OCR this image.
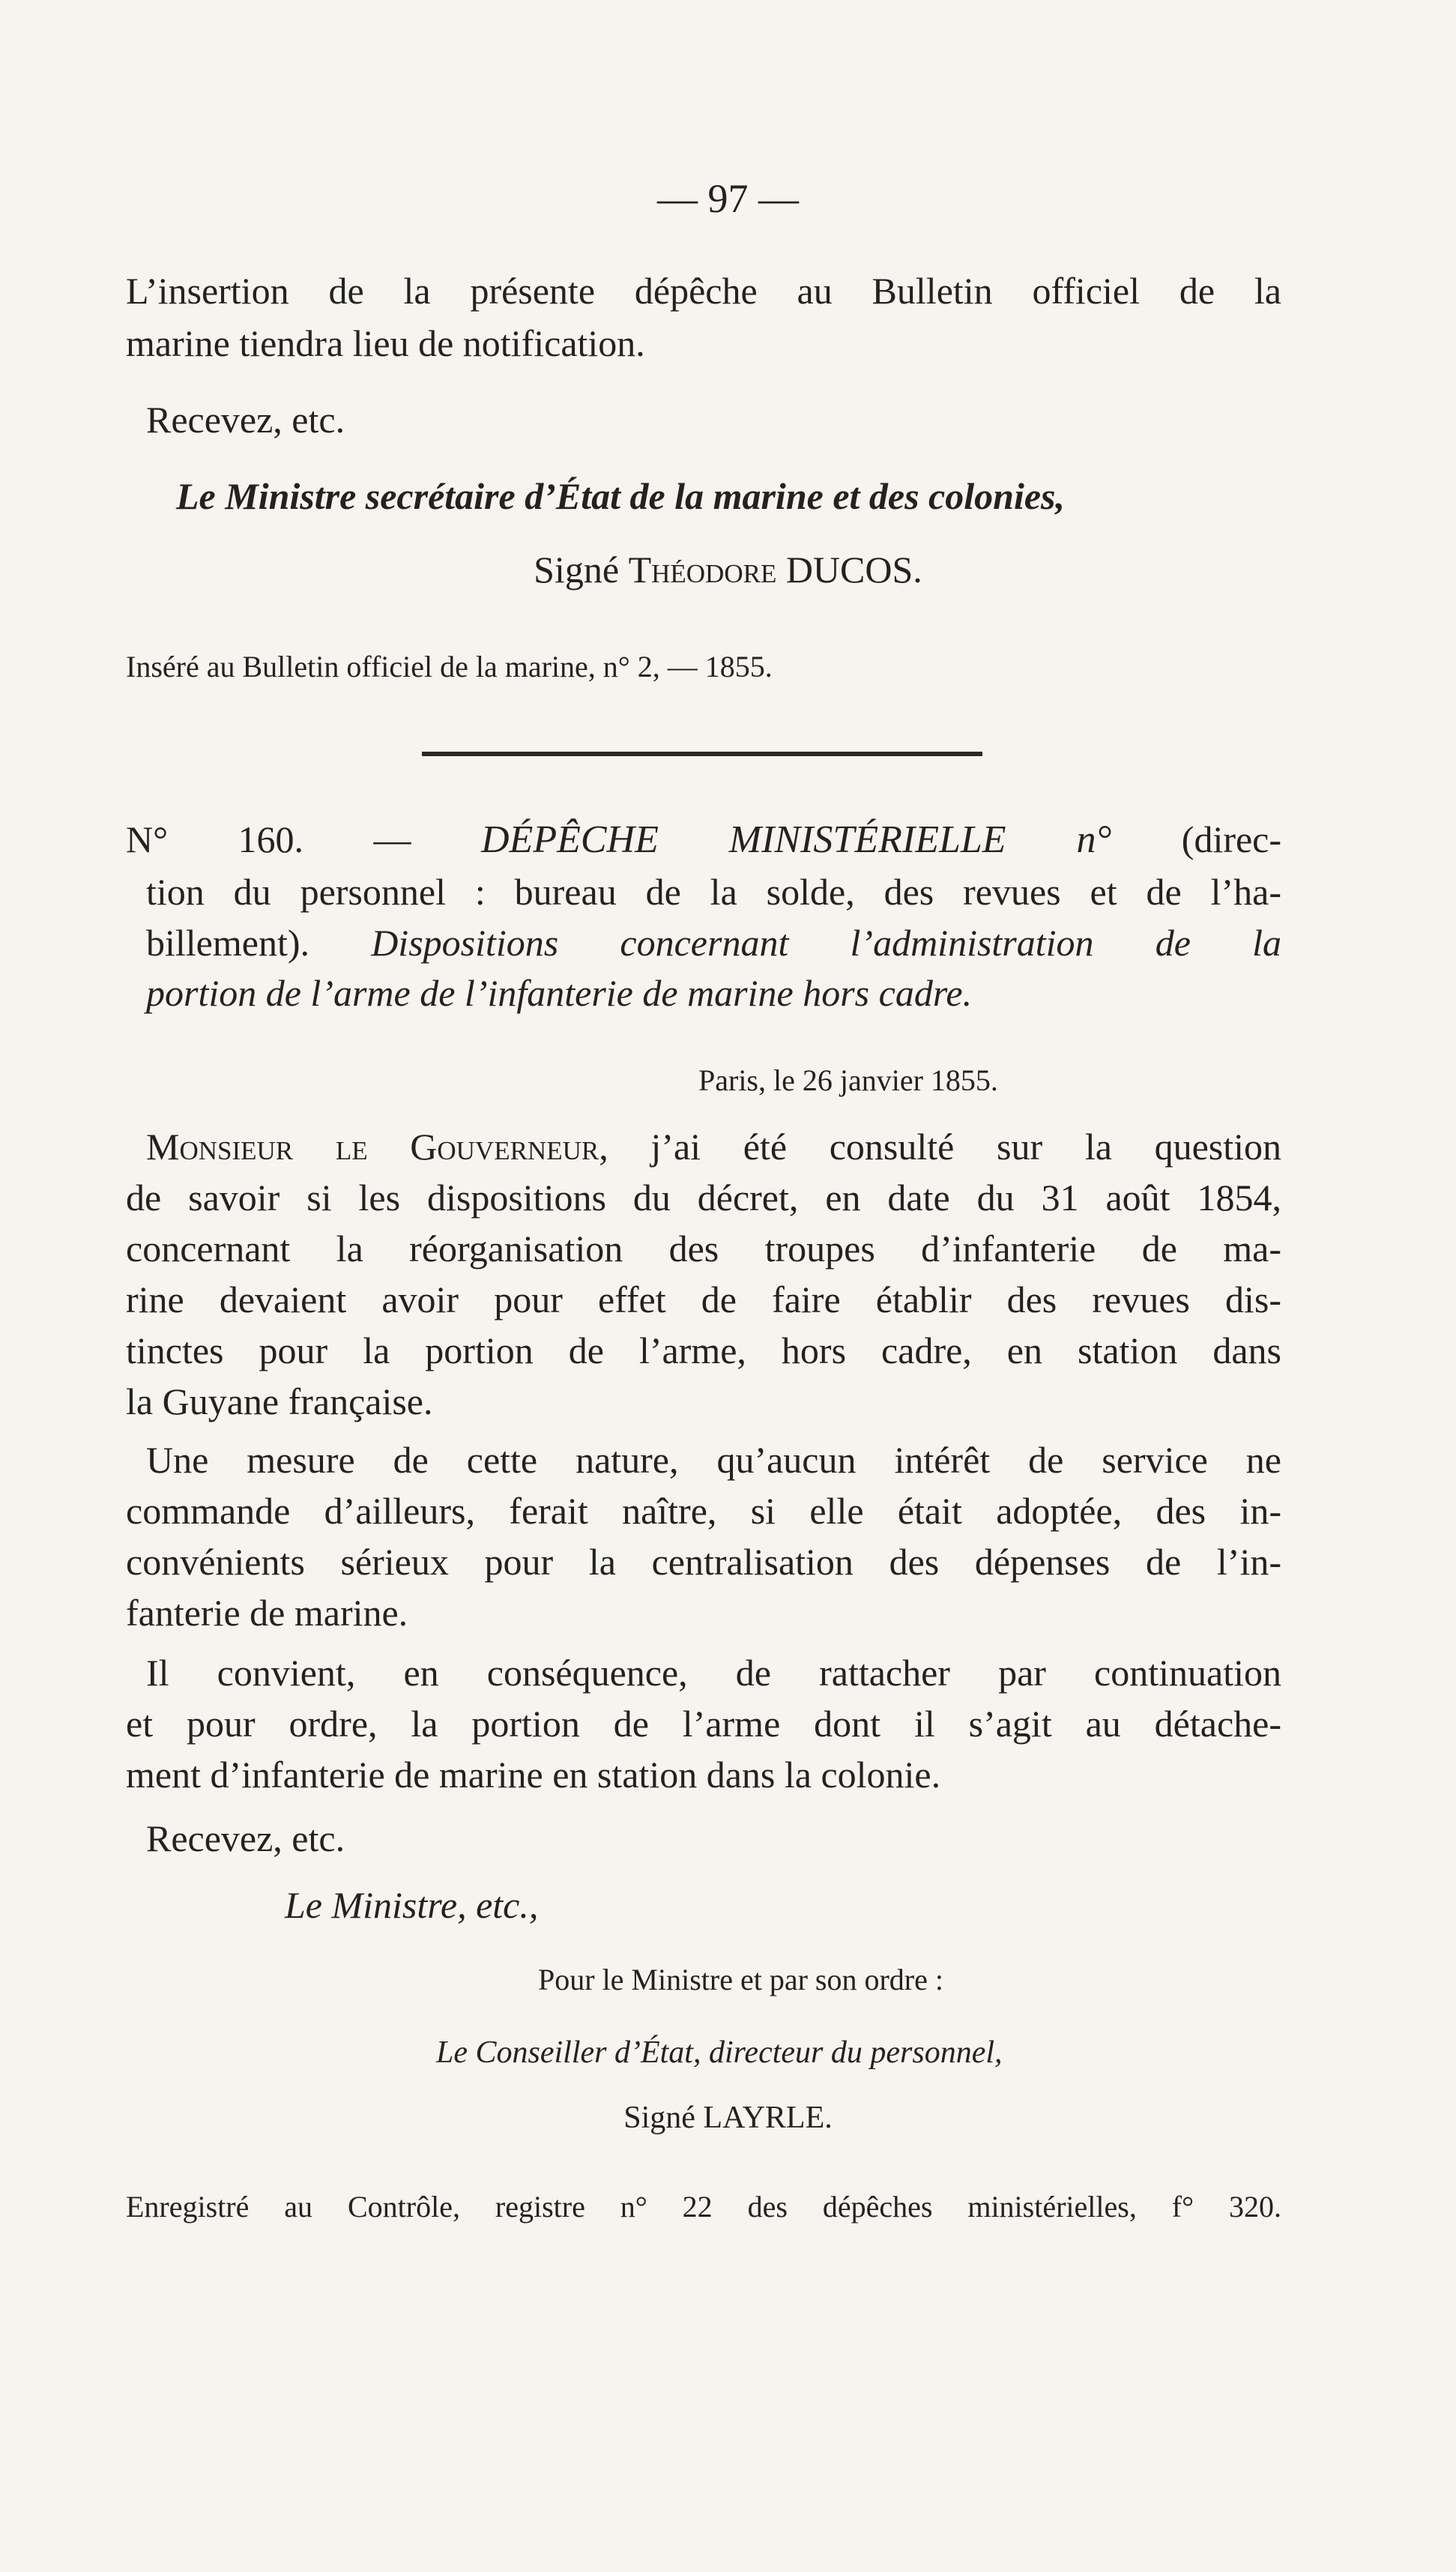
— 97 —
L’insertion de la présente dépêche au Bulletin officiel de la
marine tiendra lieu de notification.
Recevez, etc.
Le Ministre secrétaire d’État de la marine et des colonies,
Signé Théodore DUCOS.
Inséré au Bulletin officiel de la marine, n° 2, — 1855.
N° 160. — DÉPÊCHE MINISTÉRIELLE n° (direc-
tion du personnel : bureau de la solde, des revues et de l’ha-
billement). Dispositions concernant l’administration de la
portion de l’arme de l’infanterie de marine hors cadre.
Paris, le 26 janvier 1855.
Monsieur le Gouverneur, j’ai été consulté sur la question
de savoir si les dispositions du décret, en date du 31 août 1854,
concernant la réorganisation des troupes d’infanterie de ma-
rine devaient avoir pour effet de faire établir des revues dis-
tinctes pour la portion de l’arme, hors cadre, en station dans
la Guyane française.
Une mesure de cette nature, qu’aucun intérêt de service ne
commande d’ailleurs, ferait naître, si elle était adoptée, des in-
convénients sérieux pour la centralisation des dépenses de l’in-
fanterie de marine.
Il convient, en conséquence, de rattacher par continuation
et pour ordre, la portion de l’arme dont il s’agit au détache-
ment d’infanterie de marine en station dans la colonie.
Recevez, etc.
Le Ministre, etc.,
Pour le Ministre et par son ordre :
Le Conseiller d’État, directeur du personnel,
Signé LAYRLE.
Enregistré au Contrôle, registre n° 22 des dépêches ministérielles, f° 320.
